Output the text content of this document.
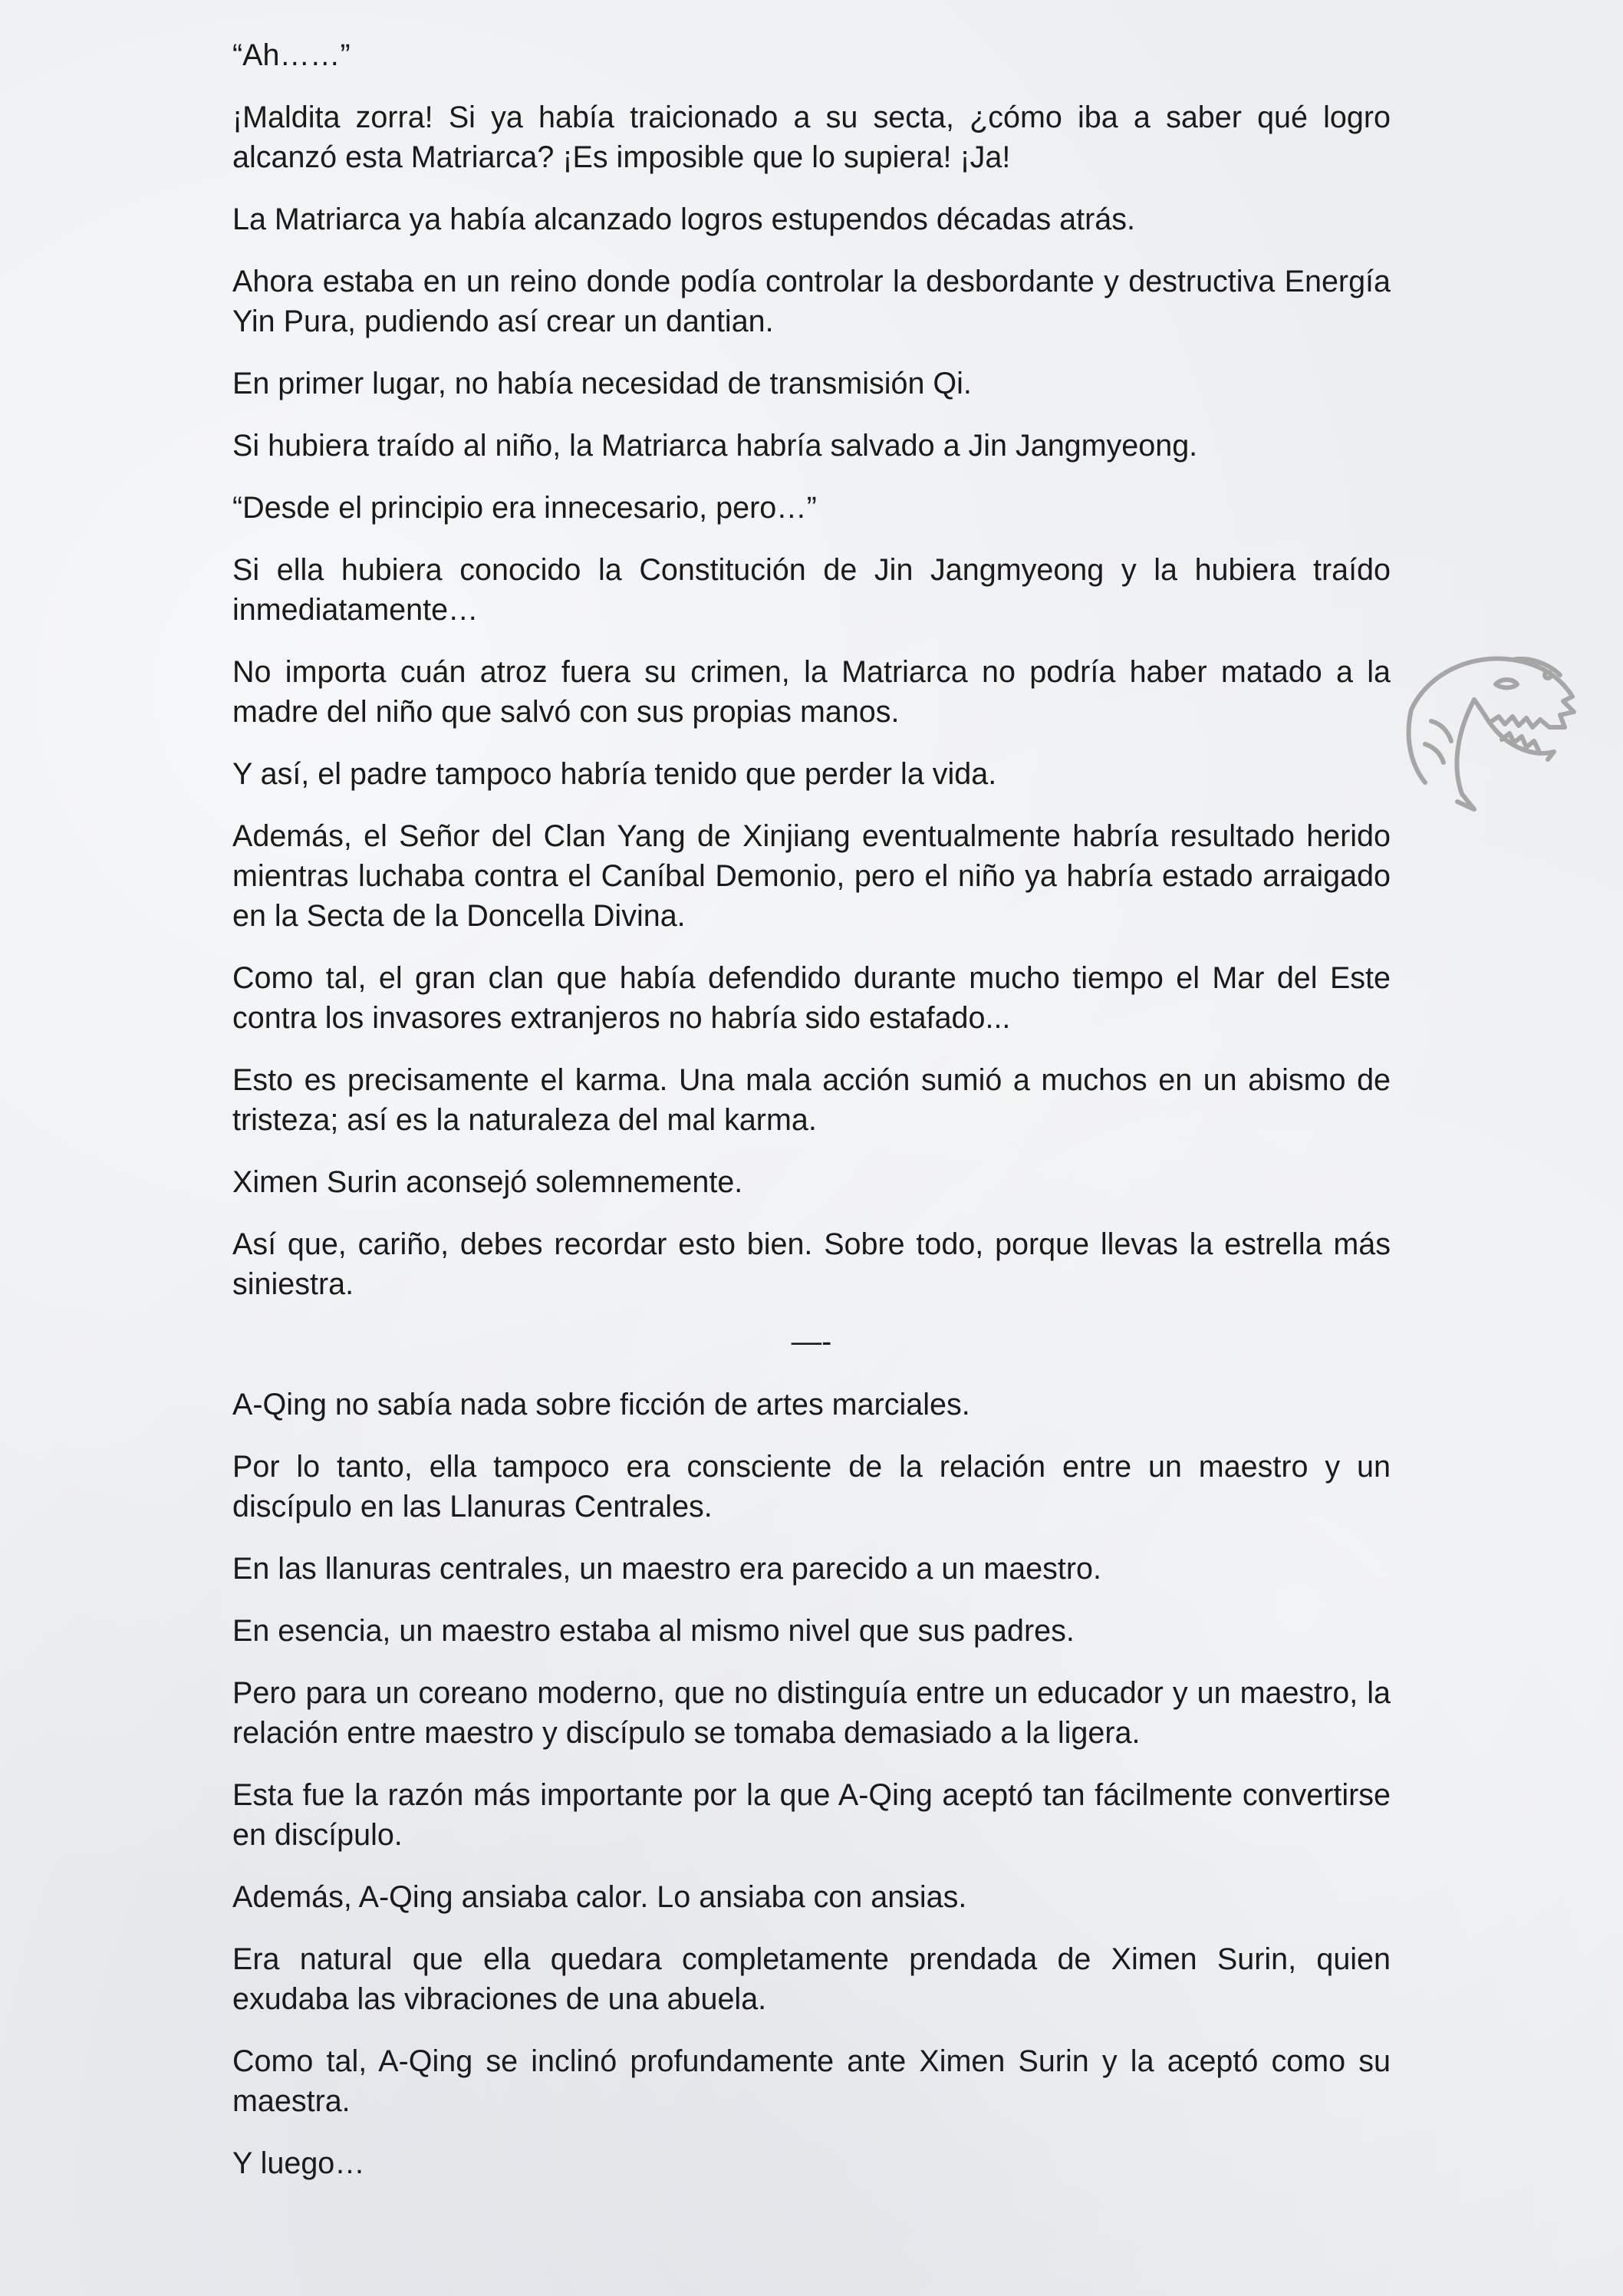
“Ah……”

¡Maldita zorra! Si ya había traicionado a su secta, ¿cómo iba a saber qué logro alcanzó esta Matriarca? ¡Es imposible que lo supiera! ¡Ja!

La Matriarca ya había alcanzado logros estupendos décadas atrás.

Ahora estaba en un reino donde podía controlar la desbordante y destructiva Energía Yin Pura, pudiendo así crear un dantian.

En primer lugar, no había necesidad de transmisión Qi.

Si hubiera traído al niño, la Matriarca habría salvado a Jin Jangmyeong.

“Desde el principio era innecesario, pero…”

Si ella hubiera conocido la Constitución de Jin Jangmyeong y la hubiera traído inmediatamente…

No importa cuán atroz fuera su crimen, la Matriarca no podría haber matado a la madre del niño que salvó con sus propias manos.

Y así, el padre tampoco habría tenido que perder la vida.

Además, el Señor del Clan Yang de Xinjiang eventualmente habría resultado herido mientras luchaba contra el Caníbal Demonio, pero el niño ya habría estado arraigado en la Secta de la Doncella Divina.

Como tal, el gran clan que había defendido durante mucho tiempo el Mar del Este contra los invasores extranjeros no habría sido estafado...

Esto es precisamente el karma. Una mala acción sumió a muchos en un abismo de tristeza; así es la naturaleza del mal karma.

Ximen Surin aconsejó solemnemente.

Así que, cariño, debes recordar esto bien. Sobre todo, porque llevas la estrella más siniestra.

—-

A-Qing no sabía nada sobre ficción de artes marciales.

Por lo tanto, ella tampoco era consciente de la relación entre un maestro y un discípulo en las Llanuras Centrales.

En las llanuras centrales, un maestro era parecido a un maestro.

En esencia, un maestro estaba al mismo nivel que sus padres.

Pero para un coreano moderno, que no distinguía entre un educador y un maestro, la relación entre maestro y discípulo se tomaba demasiado a la ligera.

Esta fue la razón más importante por la que A-Qing aceptó tan fácilmente convertirse en discípulo.

Además, A-Qing ansiaba calor. Lo ansiaba con ansias.

Era natural que ella quedara completamente prendada de Ximen Surin, quien exudaba las vibraciones de una abuela.

Como tal, A-Qing se inclinó profundamente ante Ximen Surin y la aceptó como su maestra.

Y luego…
